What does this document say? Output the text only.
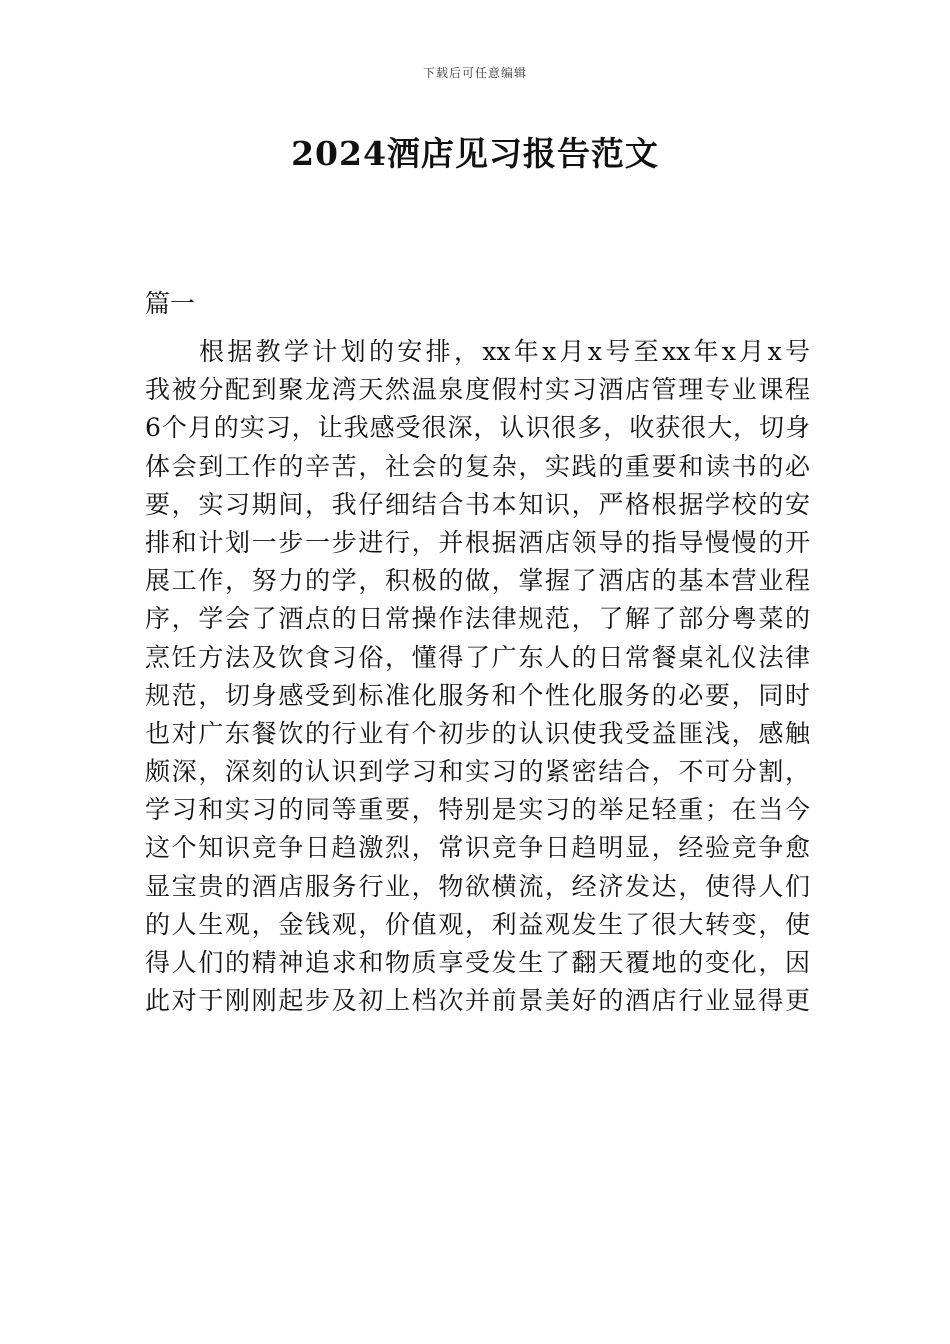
下载后可任意编辑
2024酒店见习报告范文
篇一
根据教学计划的安排，xx年x月x号至xx年x月x号
我被分配到聚龙湾天然温泉度假村实习酒店管理专业课程
6个月的实习，让我感受很深，认识很多，收获很大，切身
体会到工作的辛苦，社会的复杂，实践的重要和读书的必
要，实习期间，我仔细结合书本知识，严格根据学校的安
排和计划一步一步进行，并根据酒店领导的指导慢慢的开
展工作，努力的学，积极的做，掌握了酒店的基本营业程
序，学会了酒点的日常操作法律规范，了解了部分粤菜的
烹饪方法及饮食习俗，懂得了广东人的日常餐桌礼仪法律
规范，切身感受到标准化服务和个性化服务的必要，同时
也对广东餐饮的行业有个初步的认识使我受益匪浅，感触
颇深，深刻的认识到学习和实习的紧密结合，不可分割，
学习和实习的同等重要，特别是实习的举足轻重；在当今
这个知识竞争日趋激烈，常识竞争日趋明显，经验竞争愈
显宝贵的酒店服务行业，物欲横流，经济发达，使得人们
的人生观，金钱观，价值观，利益观发生了很大转变，使
得人们的精神追求和物质享受发生了翻天覆地的变化，因
此对于刚刚起步及初上档次并前景美好的酒店行业显得更
